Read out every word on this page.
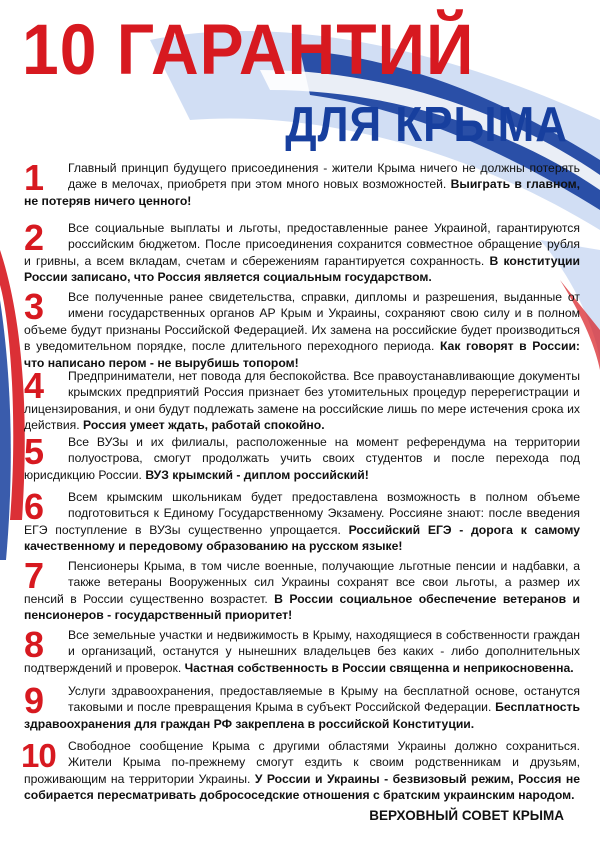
10 ГАРАНТИЙ
ДЛЯ КРЫМА

Главный принцип будущего присоединения - жители Крыма ничего не должны потерять даже в мелочах, приобретя при этом много новых возможностей. Выиграть в главном, не потеряв ничего ценного!

1

Все социальные выплаты и льготы, предоставленные ранее Украиной, гарантируются российским бюджетом. После присоединения сохранится совместное обращение рубля и гривны, а всем вкладам, счетам и сбережениям гарантируется сохранность. В конституции России записано, что Россия является социальным государством.

2

Все полученные ранее свидетельства, справки, дипломы и разрешения, выданные от имени государственных органов АР Крым и Украины, сохраняют свою силу и в полном объеме будут признаны Российской Федерацией. Их замена на российские будет производиться в уведомительном порядке, после длительного переходного периода. Как говорят в России: что написано пером - не вырубишь топором!

3

Предприниматели, нет повода для беспокойства. Все правоустанавливающие документы крымских предприятий Россия признает без утомительных процедур перерегистрации и лицензирования, и они будут подлежать замене на российские лишь по мере истечения срока их действия. Россия умеет ждать, работай спокойно.

4

Все ВУЗы и их филиалы, расположенные на момент референдума на территории полуострова, смогут продолжать учить своих студентов и после перехода под юрисдикцию России. ВУЗ крымский - диплом российский!

5

Всем крымским школьникам будет предоставлена возможность в полном объеме подготовиться к Единому Государственному Экзамену. Россияне знают: после введения ЕГЭ поступление в ВУЗы существенно упрощается. Российский ЕГЭ - дорога к самому качественному и передовому образованию на русском языке!

6

Пенсионеры Крыма, в том числе военные, получающие льготные пенсии и надбавки, а также ветераны Вооруженных сил Украины сохранят все свои льготы, а размер их пенсий в России существенно возрастет. В России социальное обеспечение ветеранов и пенсионеров - государственный приоритет!

7

Все земельные участки и недвижимость в Крыму, находящиеся в собственности граждан и организаций, останутся у нынешних владельцев без каких - либо дополнительных подтверждений и проверок. Частная собственность в России священна и неприкосновенна.

8

Услуги здравоохранения, предоставляемые в Крыму на бесплатной основе, останутся таковыми и после превращения Крыма в субъект Российской Федерации. Бесплатность здравоохранения для граждан РФ закреплена в российской Конституции.

9

Свободное сообщение Крыма с другими областями Украины должно сохраниться. Жители Крыма по-прежнему смогут ездить к своим родственникам и друзьям, проживающим на территории Украины. У России и Украины - безвизовый режим, Россия не собирается пересматривать добрососедские отношения с братским украинским народом.

10
ВЕРХОВНЫЙ СОВЕТ КРЫМА
